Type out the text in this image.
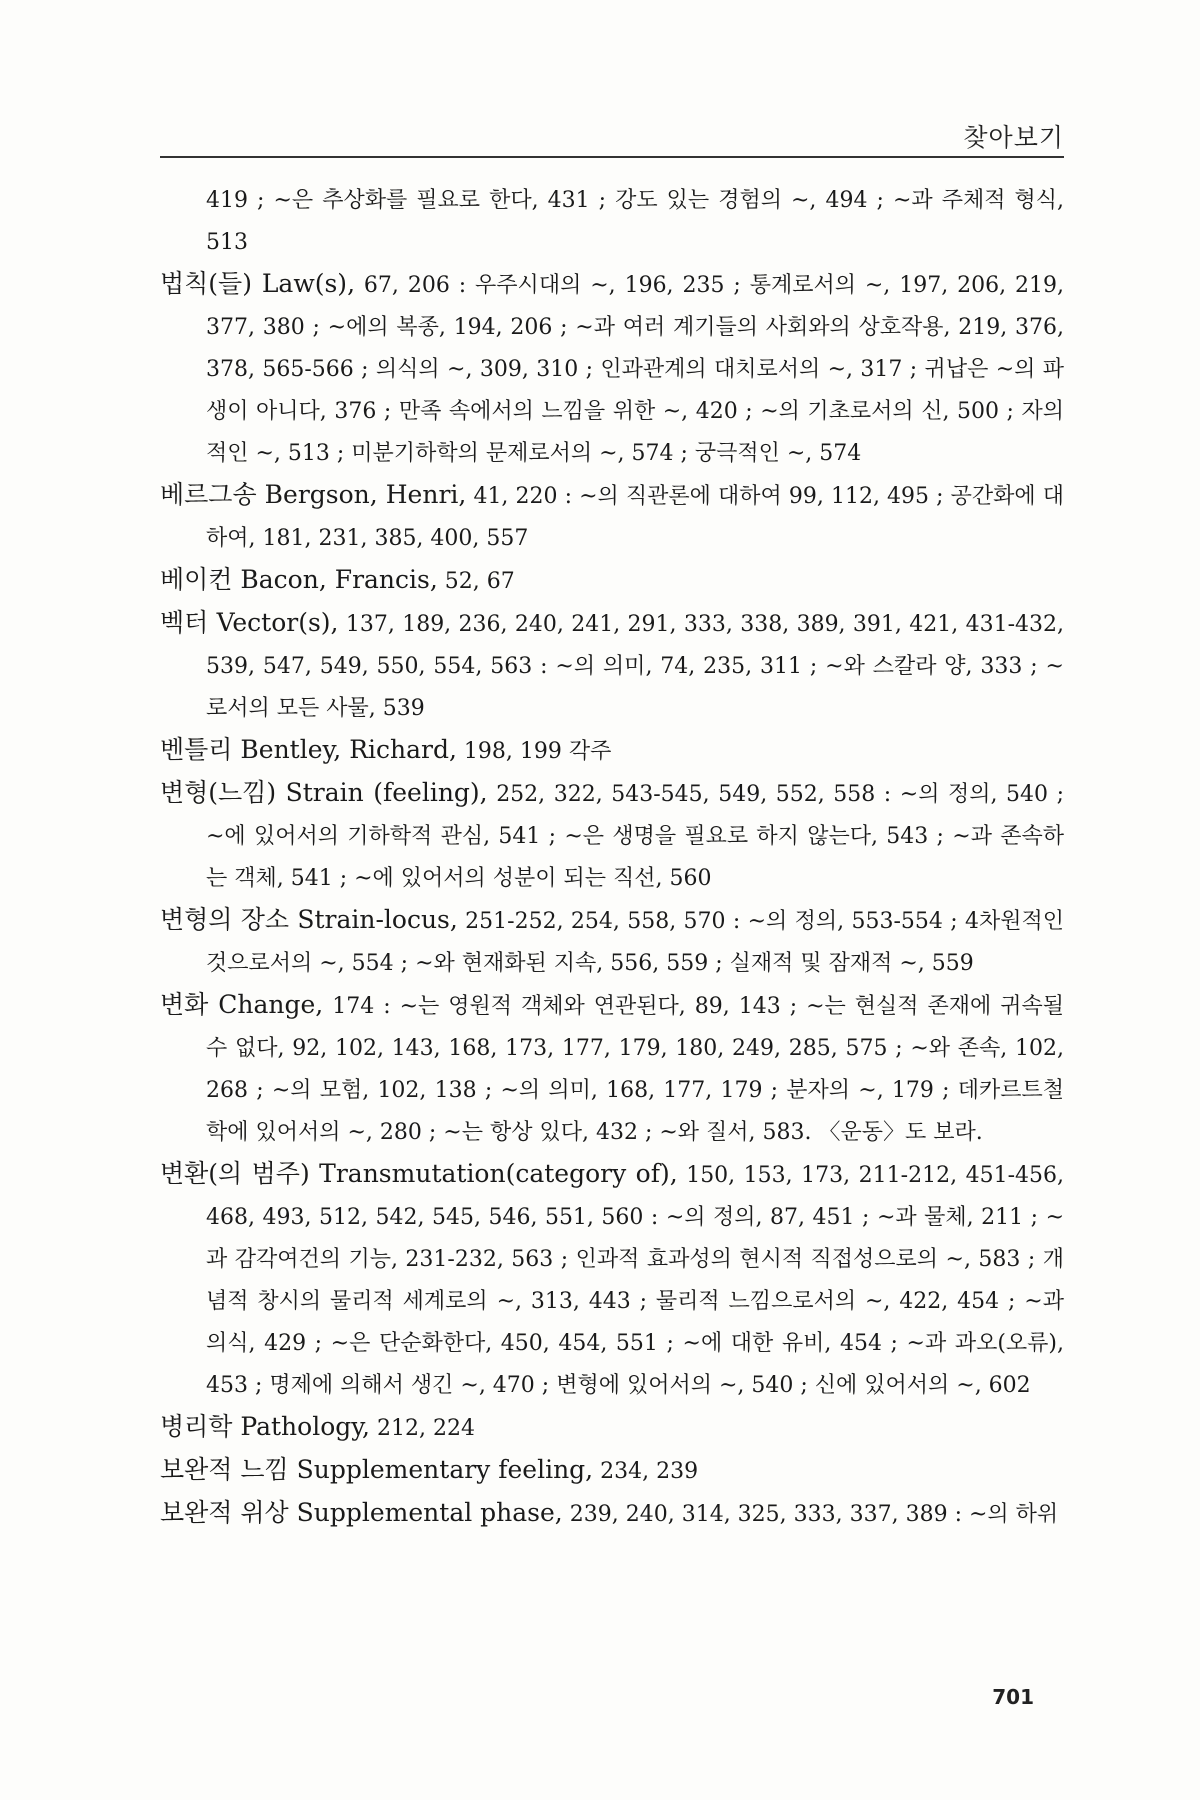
찾아보기

419 ; ~은 추상화를 필요로 한다, 431 ; 강도 있는 경험의 ~, 494 ; ~과 주체적 형식, 513

법칙(들) Law(s), 67, 206 : 우주시대의 ~, 196, 235 ; 통계로서의 ~, 197, 206, 219, 377, 380 ; ~에의 복종, 194, 206 ; ~과 여러 계기들의 사회와의 상호작용, 219, 376, 378, 565-566 ; 의식의 ~, 309, 310 ; 인과관계의 대치로서의 ~, 317 ; 귀납은 ~의 파생이 아니다, 376 ; 만족 속에서의 느낌을 위한 ~, 420 ; ~의 기초로서의 신, 500 ; 자의적인 ~, 513 ; 미분기하학의 문제로서의 ~, 574 ; 궁극적인 ~, 574

베르그송 Bergson, Henri, 41, 220 : ~의 직관론에 대하여 99, 112, 495 ; 공간화에 대하여, 181, 231, 385, 400, 557

베이컨 Bacon, Francis, 52, 67

벡터 Vector(s), 137, 189, 236, 240, 241, 291, 333, 338, 389, 391, 421, 431-432, 539, 547, 549, 550, 554, 563 : ~의 의미, 74, 235, 311 ; ~와 스칼라 양, 333 ; ~로서의 모든 사물, 539

벤틀리 Bentley, Richard, 198, 199 각주

변형(느낌) Strain (feeling), 252, 322, 543-545, 549, 552, 558 : ~의 정의, 540 ; ~에 있어서의 기하학적 관심, 541 ; ~은 생명을 필요로 하지 않는다, 543 ; ~과 존속하는 객체, 541 ; ~에 있어서의 성분이 되는 직선, 560

변형의 장소 Strain-locus, 251-252, 254, 558, 570 : ~의 정의, 553-554 ; 4차원적인 것으로서의 ~, 554 ; ~와 현재화된 지속, 556, 559 ; 실재적 및 잠재적 ~, 559

변화 Change, 174 : ~는 영원적 객체와 연관된다, 89, 143 ; ~는 현실적 존재에 귀속될 수 없다, 92, 102, 143, 168, 173, 177, 179, 180, 249, 285, 575 ; ~와 존속, 102, 268 ; ~의 모험, 102, 138 ; ~의 의미, 168, 177, 179 ; 분자의 ~, 179 ; 데카르트철학에 있어서의 ~, 280 ; ~는 항상 있다, 432 ; ~와 질서, 583. 〈운동〉도 보라.

변환(의 범주) Transmutation(category of), 150, 153, 173, 211-212, 451-456, 468, 493, 512, 542, 545, 546, 551, 560 : ~의 정의, 87, 451 ; ~과 물체, 211 ; ~과 감각여건의 기능, 231-232, 563 ; 인과적 효과성의 현시적 직접성으로의 ~, 583 ; 개념적 창시의 물리적 세계로의 ~, 313, 443 ; 물리적 느낌으로서의 ~, 422, 454 ; ~과 의식, 429 ; ~은 단순화한다, 450, 454, 551 ; ~에 대한 유비, 454 ; ~과 과오(오류), 453 ; 명제에 의해서 생긴 ~, 470 ; 변형에 있어서의 ~, 540 ; 신에 있어서의 ~, 602

병리학 Pathology, 212, 224

보완적 느낌 Supplementary feeling, 234, 239

보완적 위상 Supplemental phase, 239, 240, 314, 325, 333, 337, 389 : ~의 하위

701
